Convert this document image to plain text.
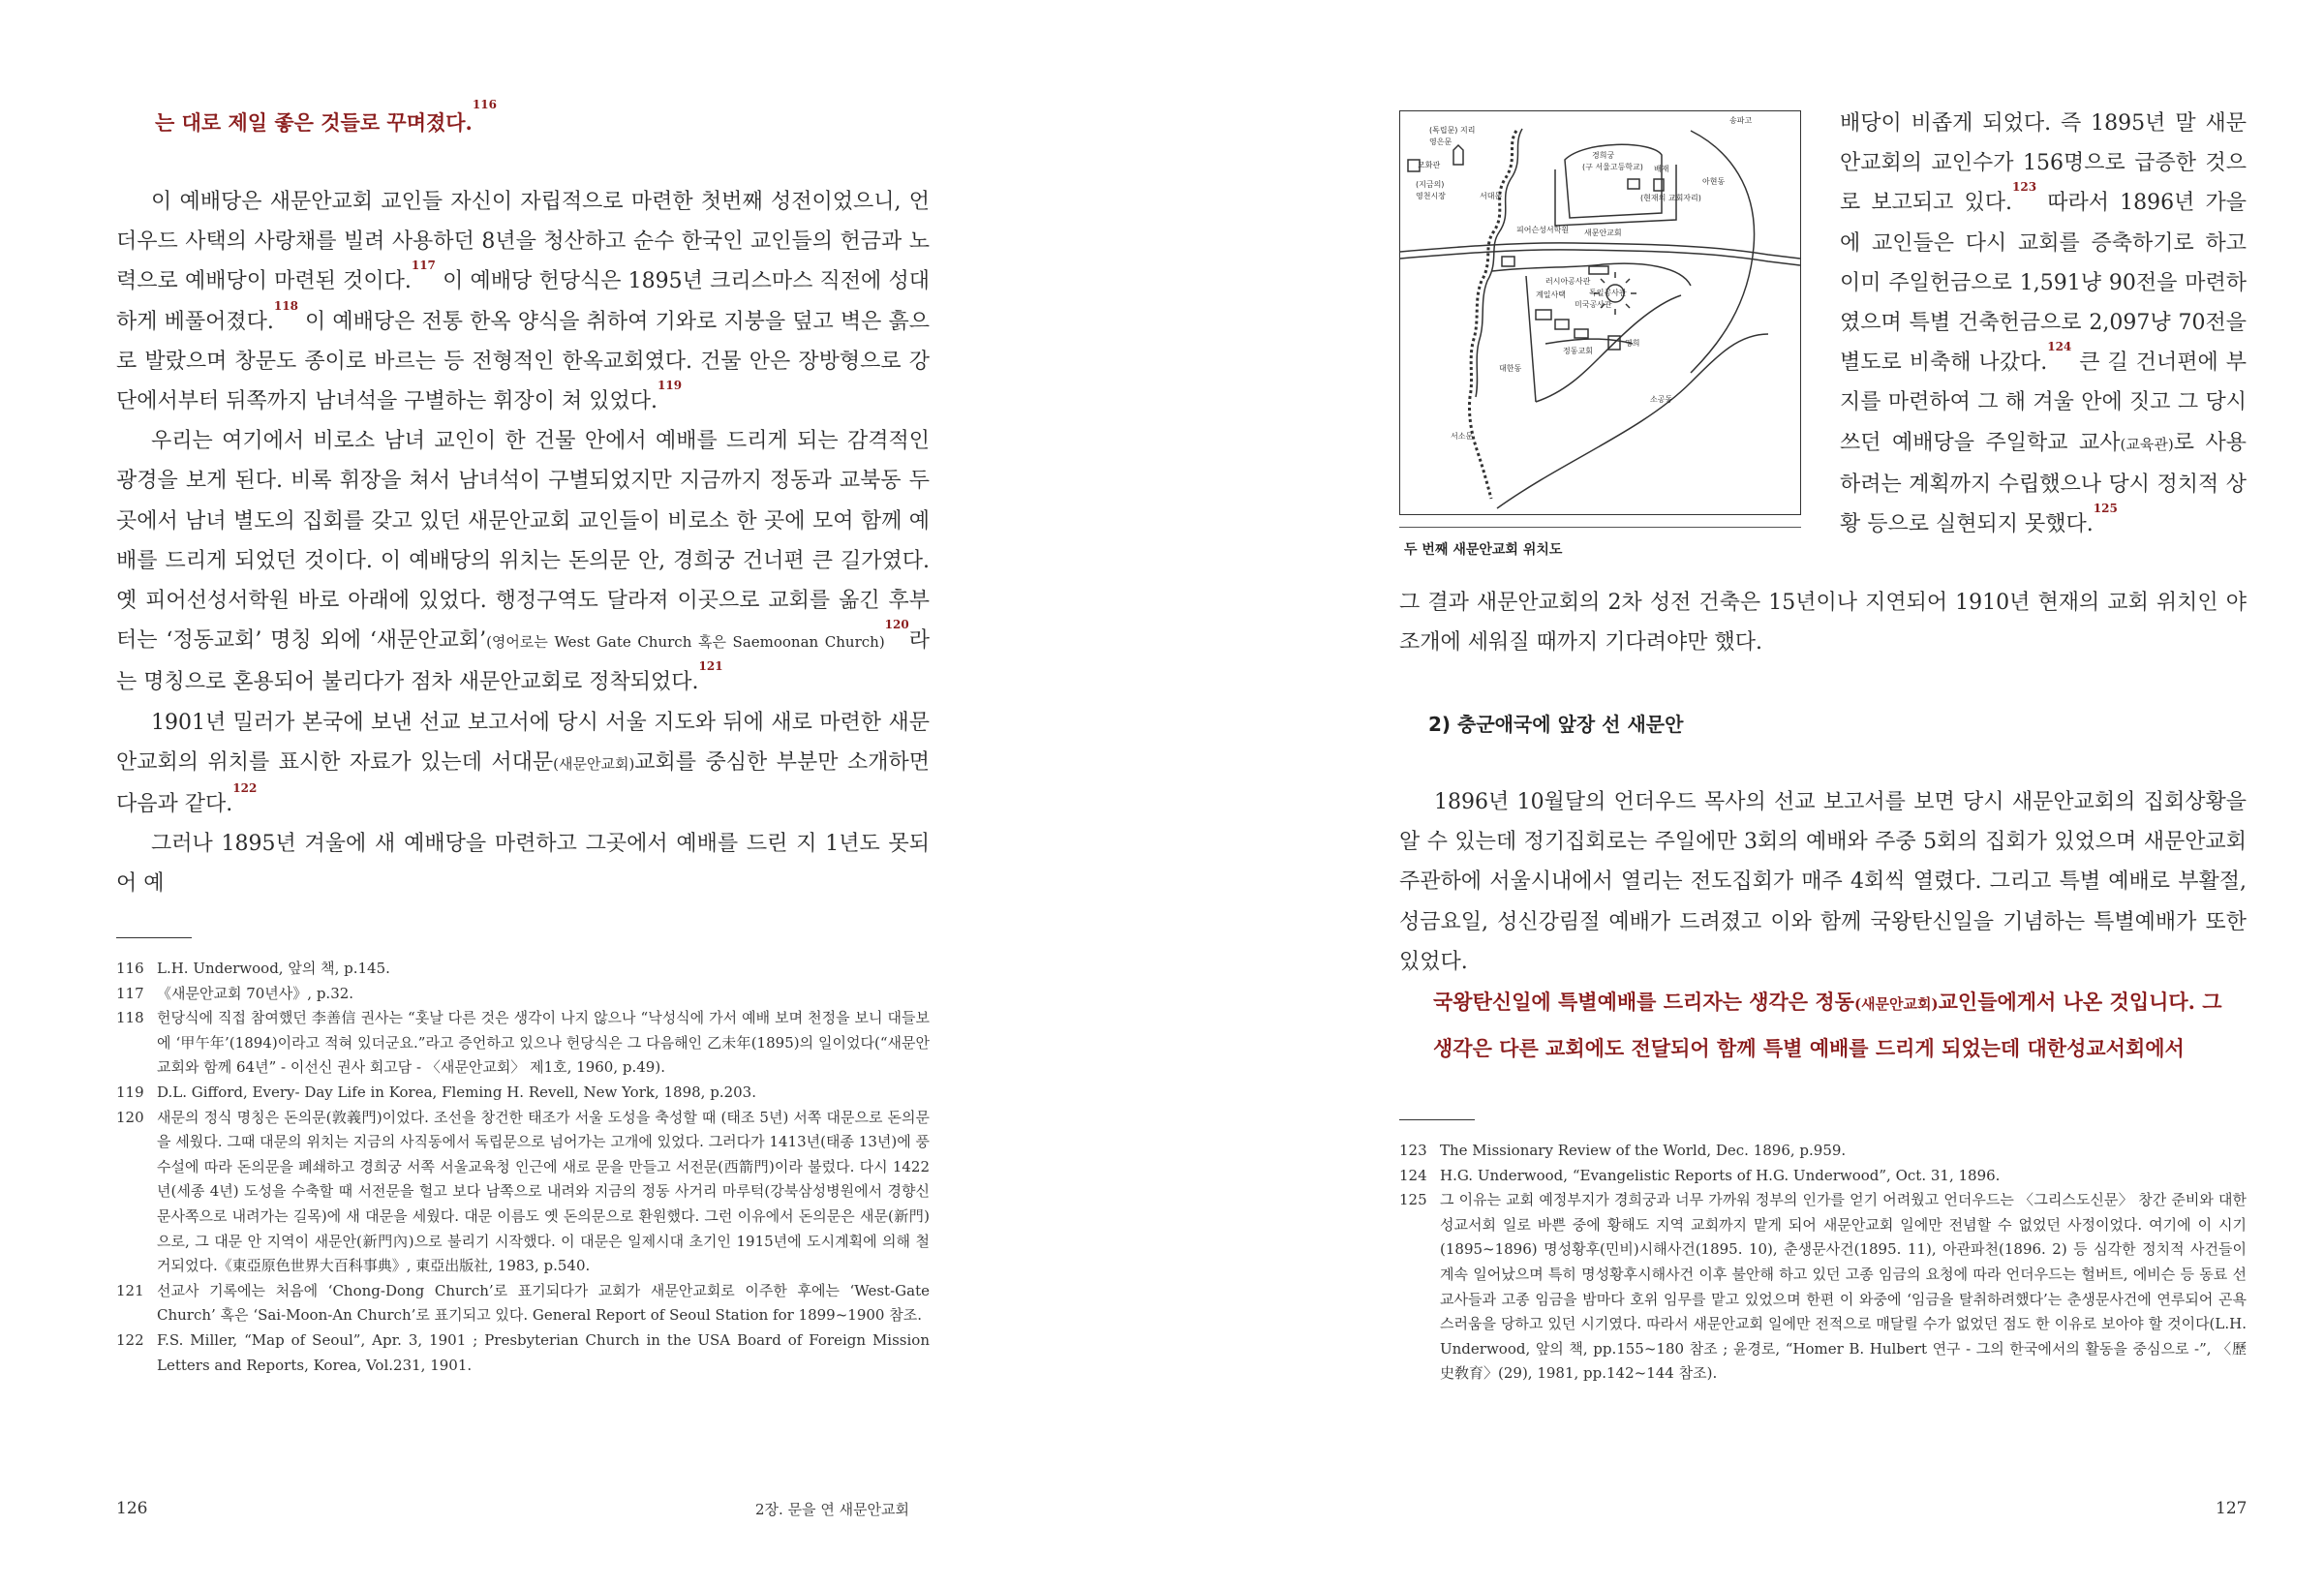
는 대로 제일 좋은 것들로 꾸며졌다.$^{116}$

이 예배당은 새문안교회 교인들 자신이 자립적으로 마련한 첫번째 성전이었으니, 언더우드 사택의 사랑채를 빌려 사용하던 8년을 청산하고 순수 한국인 교인들의 헌금과 노력으로 예배당이 마련된 것이다.$^{117}$ 이 예배당 헌당식은 1895년 크리스마스 직전에 성대하게 베풀어졌다.$^{118}$ 이 예배당은 전통 한옥 양식을 취하여 기와로 지붕을 덮고 벽은 흙으로 발랐으며 창문도 종이로 바르는 등 전형적인 한옥교회였다. 건물 안은 장방형으로 강단에서부터 뒤쪽까지 남녀석을 구별하는 휘장이 쳐 있었다.$^{119}$

우리는 여기에서 비로소 남녀 교인이 한 건물 안에서 예배를 드리게 되는 감격적인 광경을 보게 된다. 비록 휘장을 쳐서 남녀석이 구별되었지만 지금까지 정동과 교북동 두 곳에서 남녀 별도의 집회를 갖고 있던 새문안교회 교인들이 비로소 한 곳에 모여 함께 예배를 드리게 되었던 것이다. 이 예배당의 위치는 돈의문 안, 경희궁 건너편 큰 길가였다. 옛 피어선성서학원 바로 아래에 있었다. 행정구역도 달라져 이곳으로 교회를 옮긴 후부터는 ‘정동교회’ 명칭 외에 ‘새문안교회’(영어로는 West Gate Church 혹은 Saemoonan Church)$^{120}$라는 명칭으로 혼용되어 불리다가 점차 새문안교회로 정착되었다.$^{121}$

1901년 밀러가 본국에 보낸 선교 보고서에 당시 서울 지도와 뒤에 새로 마련한 새문안교회의 위치를 표시한 자료가 있는데 서대문(새문안교회)교회를 중심한 부분만 소개하면 다음과 같다.$^{122}$

그러나 1895년 겨울에 새 예배당을 마련하고 그곳에서 예배를 드린 지 1년도 못되어 예

116 L.H. Underwood, 앞의 책, p.145.
117 《새문안교회 70년사》, p.32.
118 헌당식에 직접 참여했던 李善信 권사는 “홋날 다른 것은 생각이 나지 않으나 “낙성식에 가서 예배 보며 천정을 보니 대들보에 ‘甲午年’(1894)이라고 적혀 있더군요.”라고 증언하고 있으나 헌당식은 그 다음해인 乙未年(1895)의 일이었다(“새문안교회와 함께 64년” - 이선신 권사 회고담 - 〈새문안교회〉 제1호, 1960, p.49).
119 D.L. Gifford, Every- Day Life in Korea, Fleming H. Revell, New York, 1898, p.203.
120 새문의 정식 명칭은 돈의문(敦義門)이었다. 조선을 창건한 태조가 서울 도성을 축성할 때 (태조 5년) 서쪽 대문으로 돈의문을 세웠다. 그때 대문의 위치는 지금의 사직동에서 독립문으로 넘어가는 고개에 있었다. 그러다가 1413년(태종 13년)에 풍수설에 따라 돈의문을 폐쇄하고 경희궁 서쪽 서울교육청 인근에 새로 문을 만들고 서전문(西箭門)이라 불렀다. 다시 1422년(세종 4년) 도성을 수축할 때 서전문을 헐고 보다 남쪽으로 내려와 지금의 정동 사거리 마루턱(강북삼성병원에서 경향신문사쪽으로 내려가는 길목)에 새 대문을 세웠다. 대문 이름도 옛 돈의문으로 환원했다. 그런 이유에서 돈의문은 새문(新門)으로, 그 대문 안 지역이 새문안(新門內)으로 불리기 시작했다. 이 대문은 일제시대 초기인 1915년에 도시계획에 의해 철거되었다.《東亞原色世界大百科事典》, 東亞出版社, 1983, p.540.
121 선교사 기록에는 처음에 ‘Chong-Dong Church’로 표기되다가 교회가 새문안교회로 이주한 후에는 ‘West-Gate Church’ 혹은 ‘Sai-Moon-An Church’로 표기되고 있다. General Report of Seoul Station for 1899~1900 참조.
122 F.S. Miller, “Map of Seoul”, Apr. 3, 1901 ; Presbyterian Church in the USA Board of Foreign Mission Letters and Reports, Korea, Vol.231, 1901.
126	2장. 문을 연 새문안교회
(독립문) 지리
영은문
모화관
(지금의)
영천시장
경희궁
(구 서울고등학교)
송파고
아현동
(현재의 교회자리)
서대문
피어슨성서학원 새문안교회
배재
러시아공사관
계일사택	독일공사관
미국공사관
정동교회
영희
대한동
소공동
서소문
두 번째 새문안교회 위치도

배당이 비좁게 되었다. 즉 1895년 말 새문안교회의 교인수가 156명으로 급증한 것으로 보고되고 있다.$^{123}$ 따라서 1896년 가을에 교인들은 다시 교회를 증축하기로 하고 이미 주일헌금으로 1,591냥 90전을 마련하였으며 특별 건축헌금으로 2,097냥 70전을 별도로 비축해 나갔다.$^{124}$ 큰 길 건너편에 부지를 마련하여 그 해 겨울 안에 짓고 그 당시 쓰던 예배당을 주일학교 교사(교육관)로 사용하려는 계획까지 수립했으나 당시 정치적 상황 등으로 실현되지 못했다.$^{125}$

그 결과 새문안교회의 2차 성전 건축은 15년이나 지연되어 1910년 현재의 교회 위치인 야조개에 세워질 때까지 기다려야만 했다.

2) 충군애국에 앞장 선 새문안

1896년 10월달의 언더우드 목사의 선교 보고서를 보면 당시 새문안교회의 집회상황을 알 수 있는데 정기집회로는 주일에만 3회의 예배와 주중 5회의 집회가 있었으며 새문안교회 주관하에 서울시내에서 열리는 전도집회가 매주 4회씩 열렸다. 그리고 특별 예배로 부활절, 성금요일, 성신강림절 예배가 드려졌고 이와 함께 국왕탄신일을 기념하는 특별예배가 또한 있었다.

국왕탄신일에 특별예배를 드리자는 생각은 정동(새문안교회)교인들에게서 나온 것입니다. 그 생각은 다른 교회에도 전달되어 함께 특별 예배를 드리게 되었는데 대한성교서회에서

123 The Missionary Review of the World, Dec. 1896, p.959.
124 H.G. Underwood, “Evangelistic Reports of H.G. Underwood”, Oct. 31, 1896.
125 그 이유는 교회 예정부지가 경희궁과 너무 가까워 정부의 인가를 얻기 어려웠고 언더우드는 〈그리스도신문〉 창간 준비와 대한성교서회 일로 바쁜 중에 황해도 지역 교회까지 맡게 되어 새문안교회 일에만 전념할 수 없었던 사정이었다. 여기에 이 시기(1895~1896) 명성황후(민비)시해사건(1895. 10), 춘생문사건(1895. 11), 아관파천(1896. 2) 등 심각한 정치적 사건들이 계속 일어났으며 특히 명성황후시해사건 이후 불안해 하고 있던 고종 임금의 요청에 따라 언더우드는 헐버트, 에비슨 등 동료 선교사들과 고종 임금을 밤마다 호위 임무를 맡고 있었으며 한편 이 와중에 ‘임금을 탈취하려했다’는 춘생문사건에 연루되어 곤욕스러움을 당하고 있던 시기였다. 따라서 새문안교회 일에만 전적으로 매달릴 수가 없었던 점도 한 이유로 보아야 할 것이다(L.H. Underwood, 앞의 책, pp.155~180 참조 ; 윤경로, “Homer B. Hulbert 연구 - 그의 한국에서의 활동을 중심으로 -”, 〈歷史敎育〉(29), 1981, pp.142~144 참조).
127
